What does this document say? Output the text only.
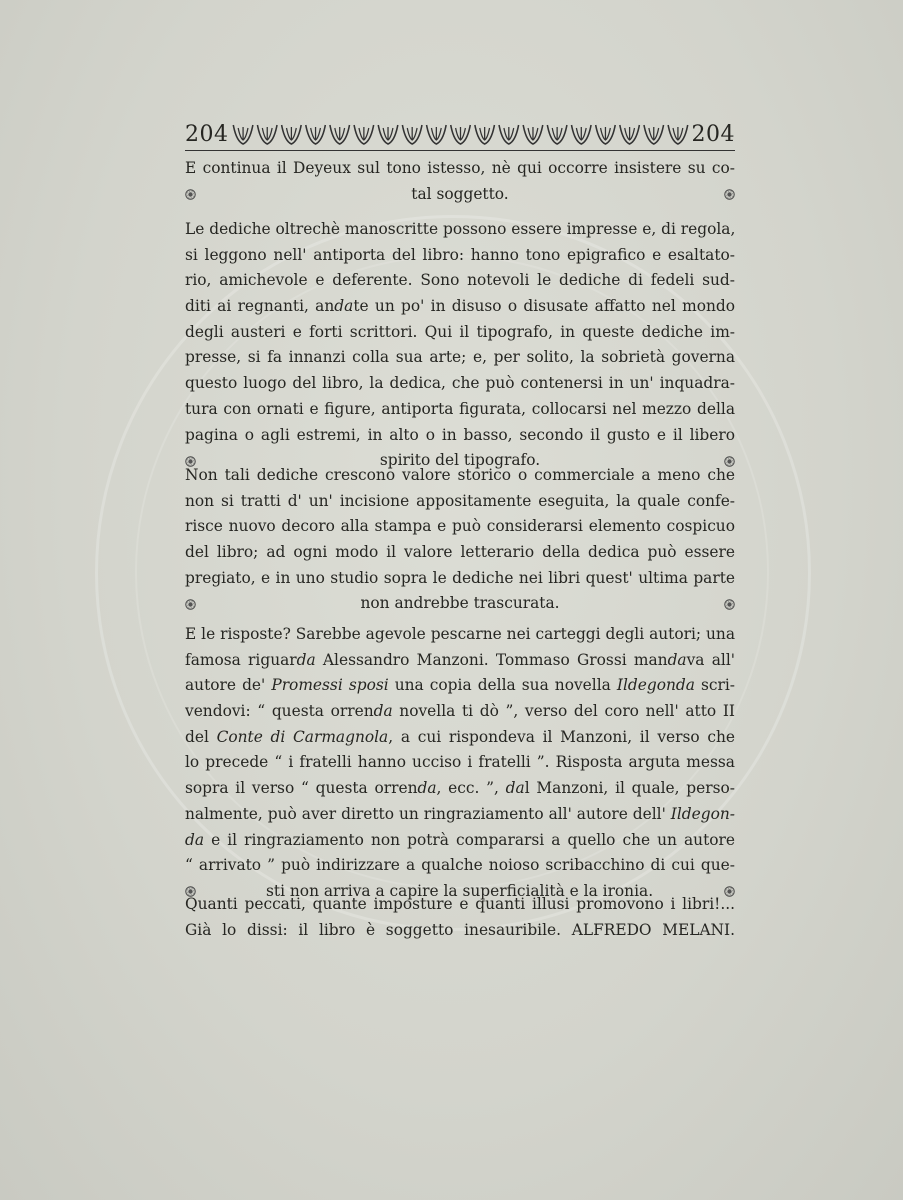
204	204
E continua il Deyeux sul tono istesso, nè qui occorre insistere su co-
tal soggetto.
Le dediche oltrechè manoscritte possono essere impresse e, di regola,
si leggono nell' antiporta del libro: hanno tono epigrafico e esaltato-
rio, amichevole e deferente. Sono notevoli le dediche di fedeli sud-
diti ai regnanti, andate un po' in disuso o disusate affatto nel mondo
degli austeri e forti scrittori. Qui il tipografo, in queste dediche im-
presse, si fa innanzi colla sua arte; e, per solito, la sobrietà governa
questo luogo del libro, la dedica, che può contenersi in un' inquadra-
tura con ornati e figure, antiporta figurata, collocarsi nel mezzo della
pagina o agli estremi, in alto o in basso, secondo il gusto e il libero
spirito del tipografo.
Non tali dediche crescono valore storico o commerciale a meno che
non si tratti d' un' incisione appositamente eseguita, la quale confe-
risce nuovo decoro alla stampa e può considerarsi elemento cospicuo
del libro; ad ogni modo il valore letterario della dedica può essere
pregiato, e in uno studio sopra le dediche nei libri quest' ultima parte
non andrebbe trascurata.
E le risposte? Sarebbe agevole pescarne nei carteggi degli autori; una
famosa riguarda Alessandro Manzoni. Tommaso Grossi mandava all'
autore de' Promessi sposi una copia della sua novella Ildegonda scri-
vendovi: “ questa orrenda novella ti dò ”, verso del coro nell' atto II
del Conte di Carmagnola, a cui rispondeva il Manzoni, il verso che
lo precede “ i fratelli hanno ucciso i fratelli ”. Risposta arguta messa
sopra il verso “ questa orrenda, ecc. ”, dal Manzoni, il quale, perso-
nalmente, può aver diretto un ringraziamento all' autore dell' Ildegon-
da e il ringraziamento non potrà compararsi a quello che un autore
“ arrivato ” può indirizzare a qualche noioso scribacchino di cui que-
sti non arriva a capire la superficialità e la ironia.
Quanti peccati, quante imposture e quanti illusi promovono i libri!...
Già lo dissi: il libro è soggetto inesauribile. ALFREDO MELANI.
